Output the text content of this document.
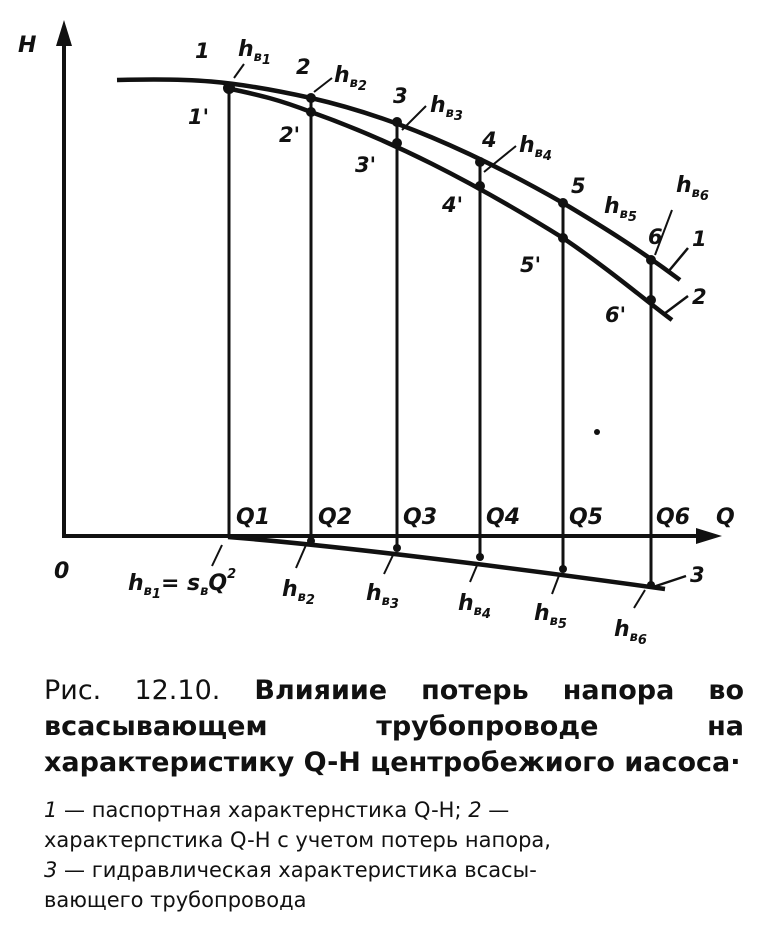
H
Q
0
1
2
3
4
5
6
1'
2'
3'
4'
5'
6'
$h_в1$
$h_в2$
$h_в3$
$h_в4$
$h_в5$
$h_в6$
1
2
3
Q1 Q2 Q3 Q4 Q5 Q6
$h_в1= s_вQ^2$
$h_в2$ $h_в3$	$h_в4$ $h_в5$ $h_в6$

Рис. 12.10. Влияиие потерь напора во всасывающем трубопроводе на характеристику Q-H центробежиого иасоса·

1 — паспортная характернстика Q-H; 2 —
характерпстика Q-H с учетом потерь напора,
3 — гидравлическая характеристика всасы-
вающего трубопровода
